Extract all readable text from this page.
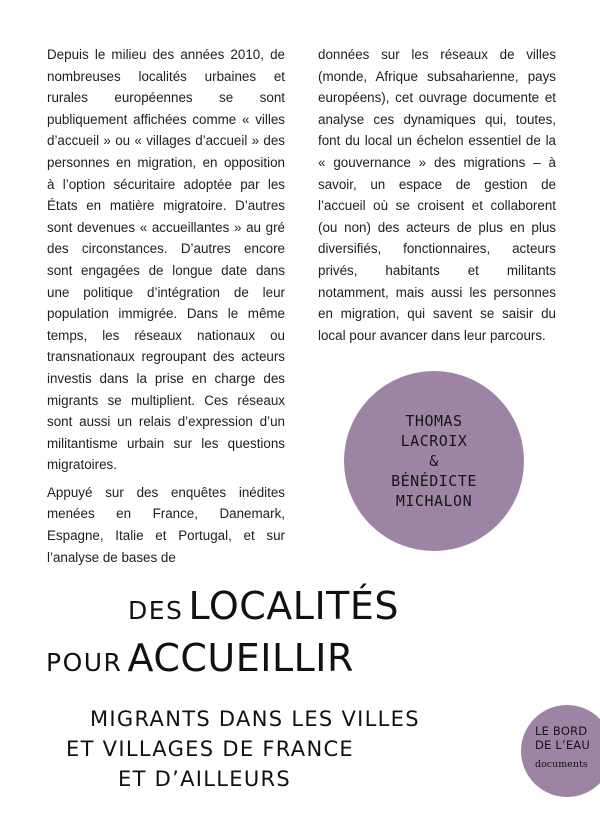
Depuis le milieu des années 2010, de nombreuses localités urbaines et rurales européennes se sont publiquement affichées comme « villes d’accueil » ou « villages d’accueil » des personnes en migration, en opposition à l’option sécuritaire adoptée par les États en matière migratoire. D’autres sont devenues « accueillantes » au gré des circonstances. D’autres encore sont engagées de longue date dans une politique d’intégration de leur population immigrée. Dans le même temps, les réseaux nationaux ou transnationaux regroupant des acteurs investis dans la prise en charge des migrants se multiplient. Ces réseaux sont aussi un relais d’expression d’un militantisme urbain sur les questions migratoires.

Appuyé sur des enquêtes inédites menées en France, Danemark, Espagne, Italie et Portugal, et sur l’analyse de bases de

données sur les réseaux de villes (monde, Afrique subsaharienne, pays européens), cet ouvrage documente et analyse ces dynamiques qui, toutes, font du local un échelon essentiel de la « gouvernance » des migrations – à savoir, un espace de gestion de l’accueil où se croisent et collaborent (ou non) des acteurs de plus en plus diversifiés, fonctionnaires, acteurs privés, habitants et militants notamment, mais aussi les personnes en migration, qui savent se saisir du local pour avancer dans leur parcours.

THOMAS
LACROIX
&
BÉNÉDICTE
MICHALON
DES LOCALITÉS
POUR ACCUEILLIR
MIGRANTS DANS LES VILLES
ET VILLAGES DE FRANCE
ET D’AILLEURS
LE BORD
DE L’EAU
documents
